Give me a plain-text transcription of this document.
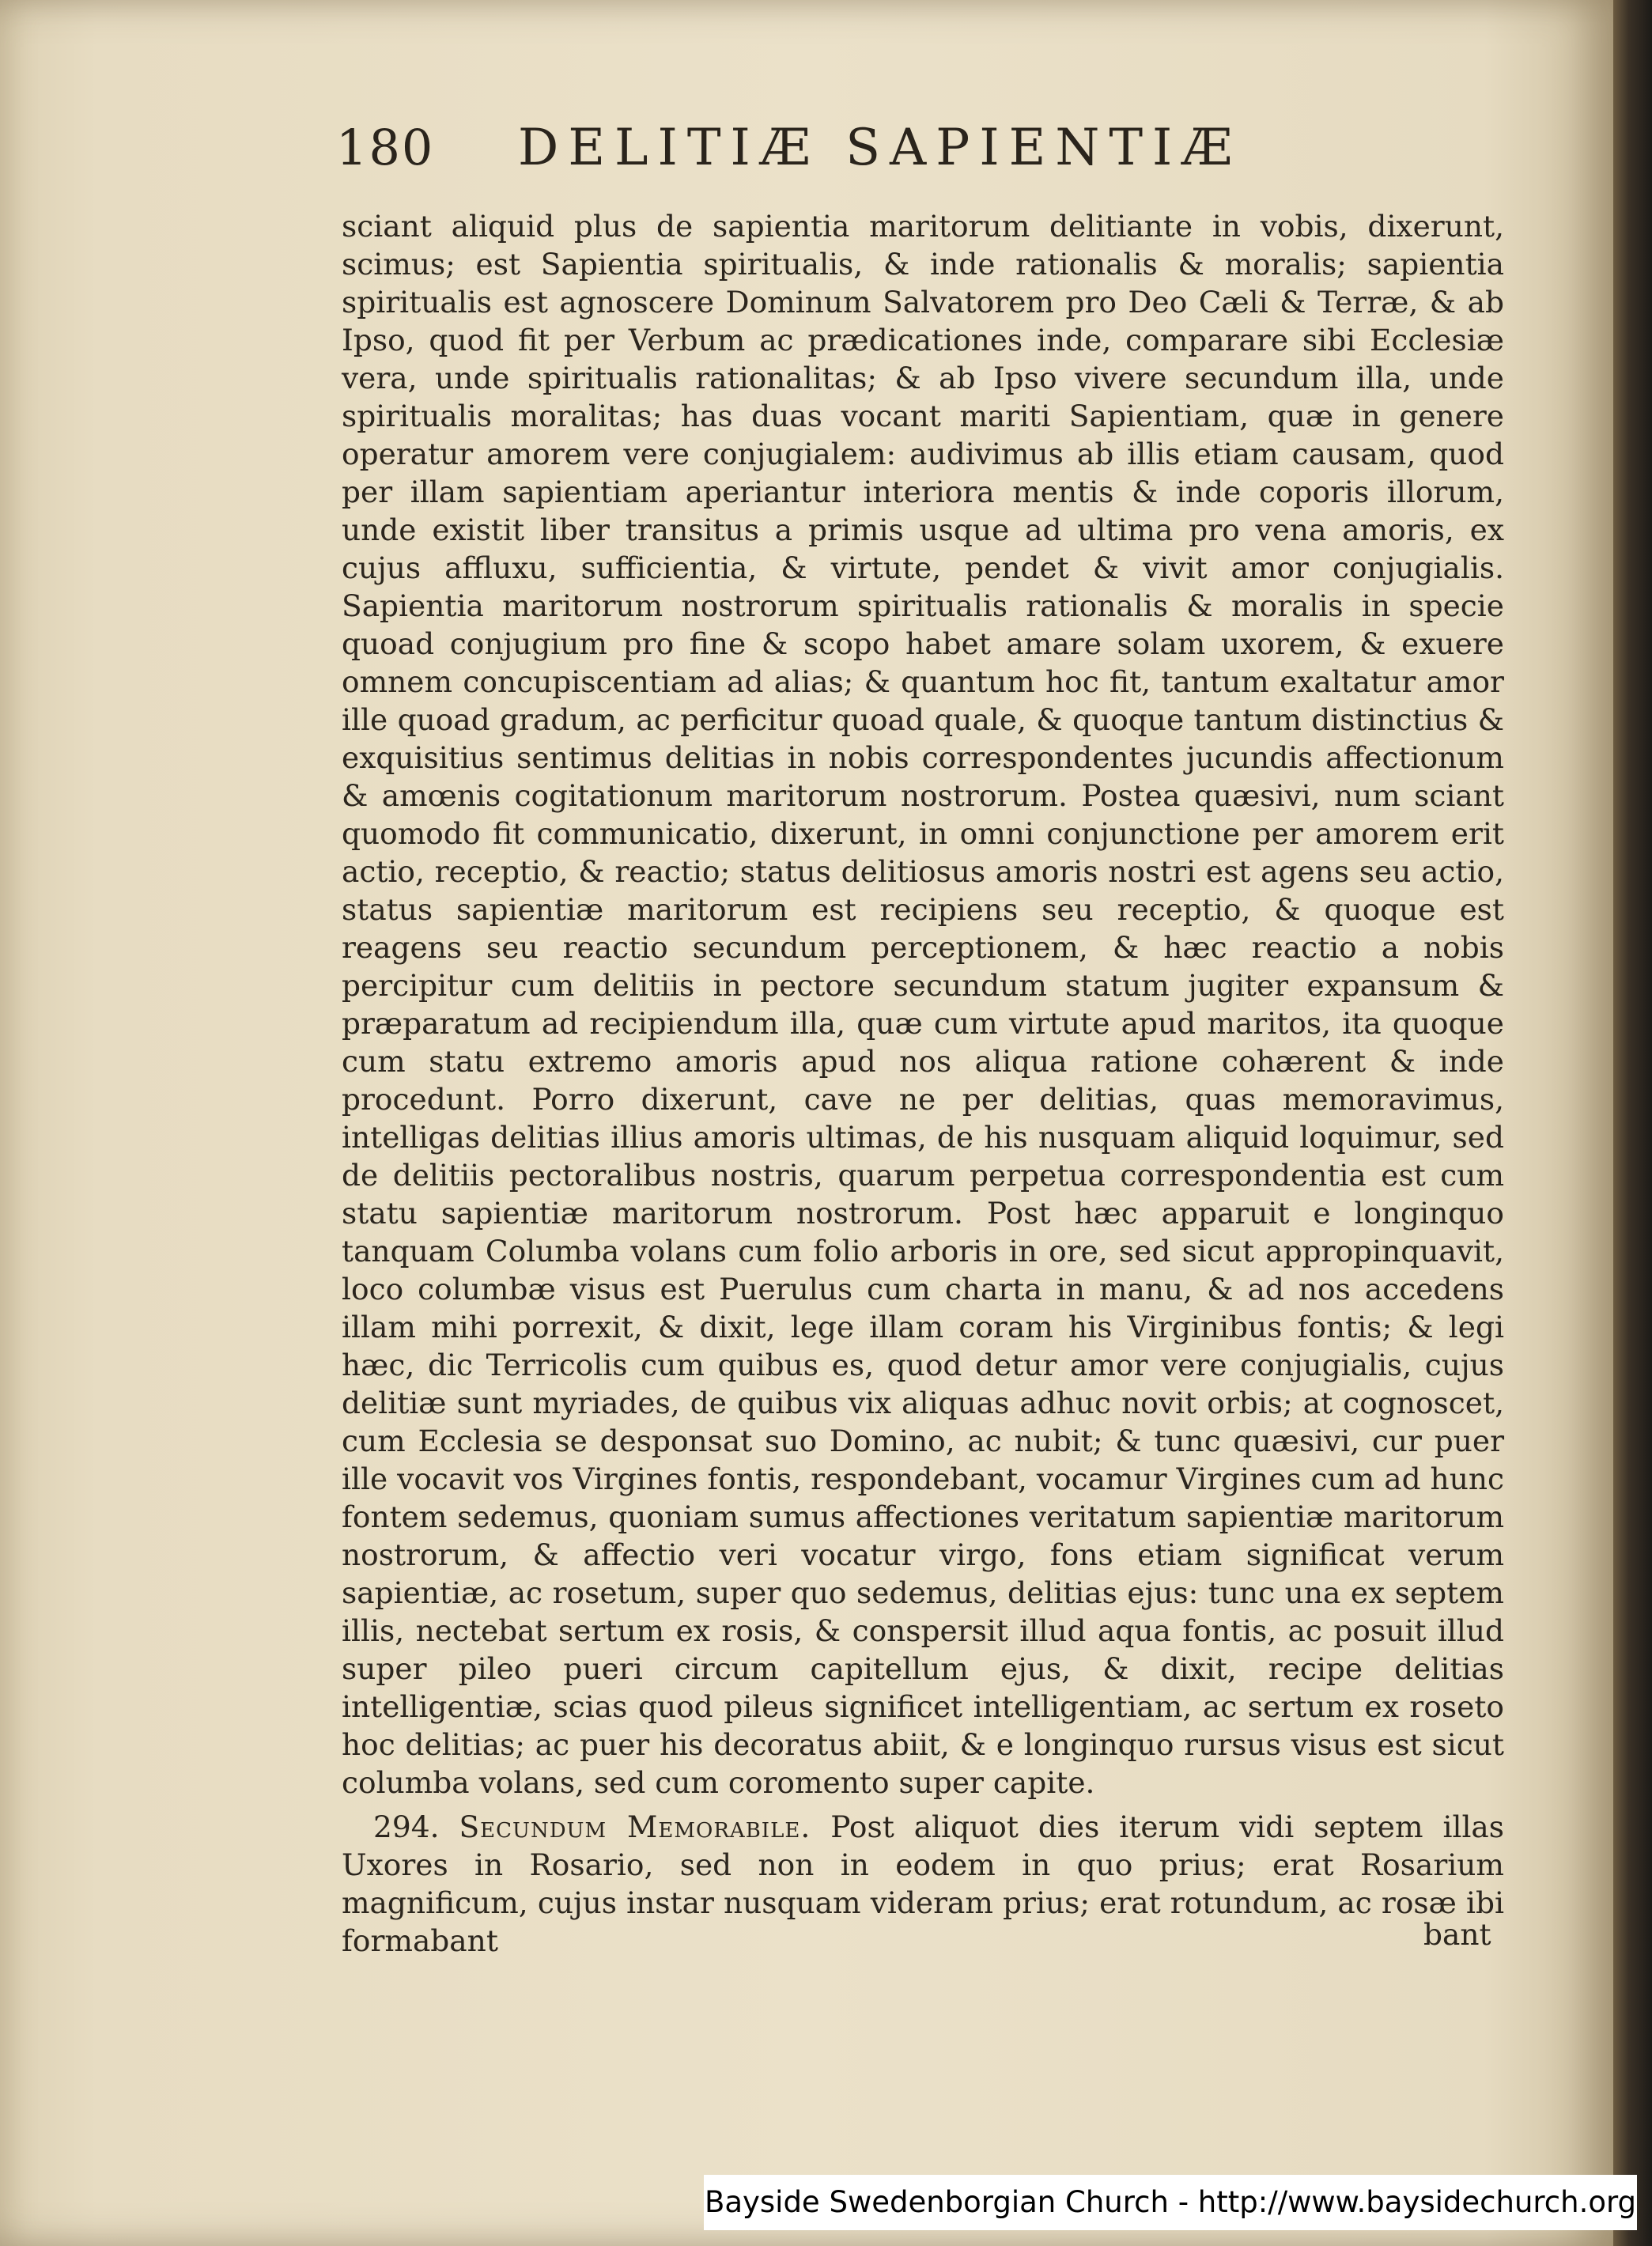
180 DELITIÆ SAPIENTIÆ

sciant aliquid plus de sapientia maritorum delitiante in vobis, dixerunt, scimus; est Sapientia spiritualis, & inde rationalis & moralis; sapientia spiritualis est agnoscere Dominum Salvatorem pro Deo Cæli & Terræ, & ab Ipso, quod fit per Verbum ac prædicationes inde, comparare sibi Ecclesiæ vera, unde spiritualis rationalitas; & ab Ipso vivere secundum illa, unde spiritualis moralitas; has duas vocant mariti Sapientiam, quæ in genere operatur amorem vere conjugialem: audivimus ab illis etiam causam, quod per illam sapientiam aperiantur interiora mentis & inde coporis illorum, unde existit liber transitus a primis usque ad ultima pro vena amoris, ex cujus affluxu, sufficientia, & virtute, pendet & vivit amor conjugialis. Sapientia maritorum nostrorum spiritualis rationalis & moralis in specie quoad conjugium pro fine & scopo habet amare solam uxorem, & exuere omnem concupiscentiam ad alias; & quantum hoc fit, tantum exaltatur amor ille quoad gradum, ac perficitur quoad quale, & quoque tantum distinctius & exquisitius sentimus delitias in nobis correspondentes jucundis affectionum & amœnis cogitationum maritorum nostrorum. Postea quæsivi, num sciant quomodo fit communicatio, dixerunt, in omni conjunctione per amorem erit actio, receptio, & reactio; status delitiosus amoris nostri est agens seu actio, status sapientiæ maritorum est recipiens seu receptio, & quoque est reagens seu reactio secundum perceptionem, & hæc reactio a nobis percipitur cum delitiis in pectore secundum statum jugiter expansum & præparatum ad recipiendum illa, quæ cum virtute apud maritos, ita quoque cum statu extremo amoris apud nos aliqua ratione cohærent & inde procedunt. Porro dixerunt, cave ne per delitias, quas memoravimus, intelligas delitias illius amoris ultimas, de his nusquam aliquid loquimur, sed de delitiis pectoralibus nostris, quarum perpetua correspondentia est cum statu sapientiæ maritorum nostrorum. Post hæc apparuit e longinquo tanquam Columba volans cum folio arboris in ore, sed sicut appropinquavit, loco columbæ visus est Puerulus cum charta in manu, & ad nos accedens illam mihi porrexit, & dixit, lege illam coram his Virginibus fontis; & legi hæc, dic Terricolis cum quibus es, quod detur amor vere conjugialis, cujus delitiæ sunt myriades, de quibus vix aliquas adhuc novit orbis; at cognoscet, cum Ecclesia se desponsat suo Domino, ac nubit; & tunc quæsivi, cur puer ille vocavit vos Virgines fontis, respondebant, vocamur Virgines cum ad hunc fontem sedemus, quoniam sumus affectiones veritatum sapientiæ maritorum nostrorum, & affectio veri vocatur virgo, fons etiam significat verum sapientiæ, ac rosetum, super quo sedemus, delitias ejus: tunc una ex septem illis, nectebat sertum ex rosis, & conspersit illud aqua fontis, ac posuit illud super pileo pueri circum capitellum ejus, & dixit, recipe delitias intelligentiæ, scias quod pileus significet intelligentiam, ac sertum ex roseto hoc delitias; ac puer his decoratus abiit, & e longinquo rursus visus est sicut columba volans, sed cum coromento super capite.

294. Secundum Memorabile. Post aliquot dies iterum vidi septem illas Uxores in Rosario, sed non in eodem in quo prius; erat Rosarium magnificum, cujus instar nusquam videram prius; erat rotundum, ac rosæ ibi formabant	bant
Bayside Swedenborgian Church - http://www.baysidechurch.org
